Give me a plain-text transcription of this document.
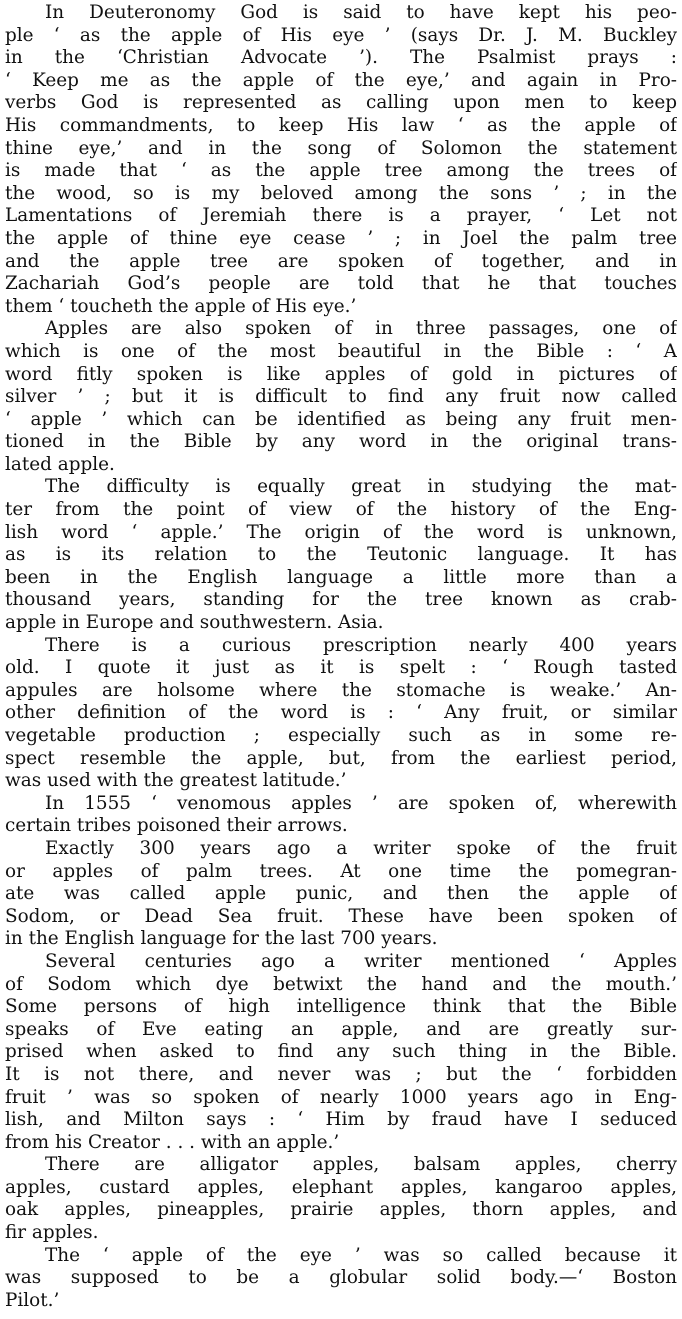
In Deuteronomy God is said to have kept his peo-
ple ‘ as the apple of His eye ’ (says Dr. J. M. Buckley
in the ‘Christian Advocate ’). The Psalmist prays :
‘ Keep me as the apple of the eye,’ and again in Pro-
verbs God is represented as calling upon men to keep
His commandments, to keep His law ‘ as the apple of
thine eye,’ and in the song of Solomon the statement
is made that ‘ as the apple tree among the trees of
the wood, so is my beloved among the sons ’ ; in the
Lamentations of Jeremiah there is a prayer, ‘ Let not
the apple of thine eye cease ’ ; in Joel the palm tree
and the apple tree are spoken of together, and in
Zachariah God’s people are told that he that touches
them ‘ toucheth the apple of His eye.’

Apples are also spoken of in three passages, one of
which is one of the most beautiful in the Bible : ‘ A
word fitly spoken is like apples of gold in pictures of
silver ’ ; but it is difficult to find any fruit now called
‘ apple ’ which can be identified as being any fruit men-
tioned in the Bible by any word in the original trans-
lated apple.

The difficulty is equally great in studying the mat-
ter from the point of view of the history of the Eng-
lish word ‘ apple.’ The origin of the word is unknown,
as is its relation to the Teutonic language. It has
been in the English language a little more than a
thousand years, standing for the tree known as crab-
apple in Europe and southwestern. Asia.

There is a curious prescription nearly 400 years
old. I quote it just as it is spelt : ‘ Rough tasted
appules are holsome where the stomache is weake.’ An-
other definition of the word is : ‘ Any fruit, or similar
vegetable production ; especially such as in some re-
spect resemble the apple, but, from the earliest period,
was used with the greatest latitude.’

In 1555 ‘ venomous apples ’ are spoken of, wherewith
certain tribes poisoned their arrows.

Exactly 300 years ago a writer spoke of the fruit
or apples of palm trees. At one time the pomegran-
ate was called apple punic, and then the apple of
Sodom, or Dead Sea fruit. These have been spoken of
in the English language for the last 700 years.

Several centuries ago a writer mentioned ‘ Apples
of Sodom which dye betwixt the hand and the mouth.’
Some persons of high intelligence think that the Bible
speaks of Eve eating an apple, and are greatly sur-
prised when asked to find any such thing in the Bible.
It is not there, and never was ; but the ‘ forbidden
fruit ’ was so spoken of nearly 1000 years ago in Eng-
lish, and Milton says : ‘ Him by fraud have I seduced
from his Creator . . . with an apple.’

There are alligator apples, balsam apples, cherry
apples, custard apples, elephant apples, kangaroo apples,
oak apples, pineapples, prairie apples, thorn apples, and
fir apples.

The ‘ apple of the eye ’ was so called because it
was supposed to be a globular solid body.—‘ Boston
Pilot.’
